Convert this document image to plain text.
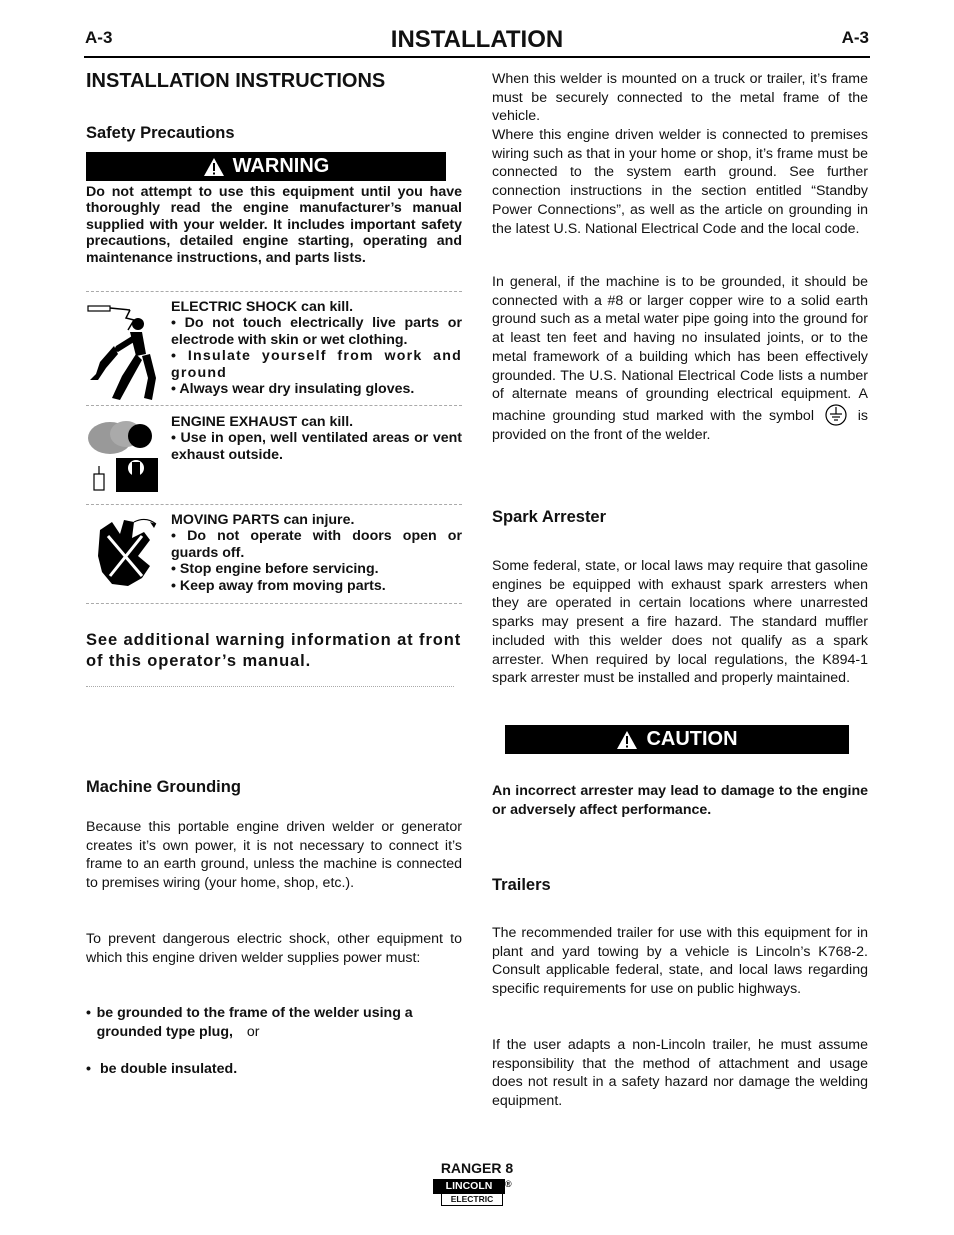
A-3	INSTALLATION	A-3
INSTALLATION INSTRUCTIONS
Safety Precautions
WARNING
Do not attempt to use this equipment until you have thoroughly read the engine manufacturer’s manual supplied with your welder. It includes important safety precautions, detailed engine starting, operating and maintenance instructions, and parts lists.
ELECTRIC SHOCK can kill.
• Do not touch electrically live parts or electrode with skin or wet clothing.
• Insulate yourself from work and ground
• Always wear dry insulating gloves.
ENGINE EXHAUST can kill.
• Use in open, well ventilated areas or vent exhaust outside.
MOVING PARTS can injure.
• Do not operate with doors open or guards off.
• Stop engine before servicing.
• Keep away from moving parts.
See additional warning information at front of this operator’s manual.
Machine Grounding
Because this portable engine driven welder or generator creates it’s own power, it is not necessary to connect it’s frame to an earth ground, unless the machine is connected to premises wiring (your home, shop, etc.).
To prevent dangerous electric shock, other equipment to which this engine driven welder supplies power must:
• be grounded to the frame of the welder using a grounded type plug, or
• be double insulated.
When this welder is mounted on a truck or trailer, it’s frame must be securely connected to the metal frame of the vehicle.
Where this engine driven welder is connected to premises wiring such as that in your home or shop, it’s frame must be connected to the system earth ground. See further connection instructions in the section entitled “Standby Power Connections”, as well as the article on grounding in the latest U.S. National Electrical Code and the local code.
In general, if the machine is to be grounded, it should be connected with a #8 or larger copper wire to a solid earth ground such as a metal water pipe going into the ground for at least ten feet and having no insulated joints, or to the metal framework of a building which has been effectively grounded. The U.S. National Electrical Code lists a number of alternate means of grounding electrical equipment. A machine grounding stud marked with the symbol	is provided on the front of the welder.
Spark Arrester
Some federal, state, or local laws may require that gasoline engines be equipped with exhaust spark arresters when they are operated in certain locations where unarrested sparks may present a fire hazard. The standard muffler included with this welder does not qualify as a spark arrester. When required by local regulations, the K894-1 spark arrester must be installed and properly maintained.
CAUTION
An incorrect arrester may lead to damage to the engine or adversely affect performance.
Trailers
The recommended trailer for use with this equipment for in plant and yard towing by a vehicle is Lincoln’s K768-2. Consult applicable federal, state, and local laws regarding specific requirements for use on public highways.
If the user adapts a non-Lincoln trailer, he must assume responsibility that the method of attachment and usage does not result in a safety hazard nor damage the welding equipment.
RANGER 8
LINCOLN	®
ELECTRIC
